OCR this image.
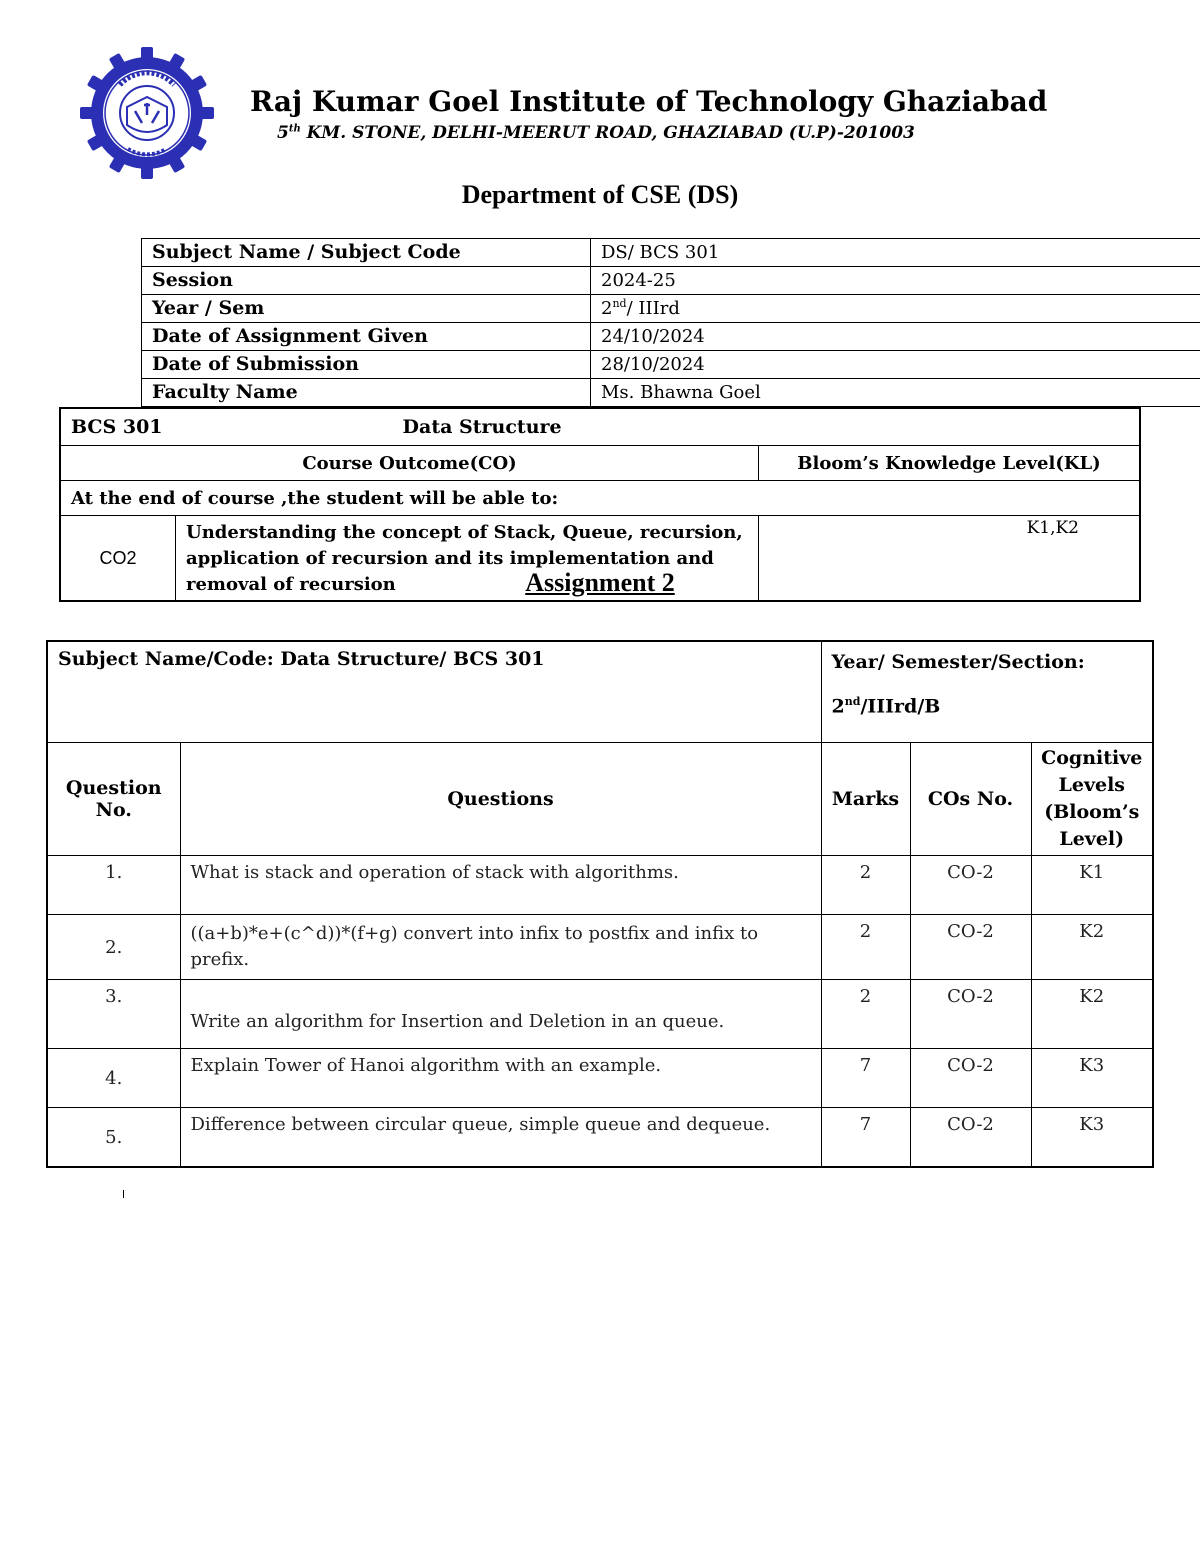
Raj Kumar Goel Institute of Technology Ghaziabad
5th KM. STONE, DELHI-MEERUT ROAD, GHAZIABAD (U.P)-201003
Department of CSE (DS)
Subject Name / Subject Code	DS/ BCS 301
Session	2024-25
Year / Sem	2nd/ IIIrd
Date of Assignment Given	24/10/2024
Date of Submission	28/10/2024
Faculty Name	Ms. Bhawna Goel
BCS 301 Data Structure		
Course Outcome(CO)		Bloom’s Knowledge Level(KL)
At the end of course ,the student will be able to:		
CO2	Understanding the concept of Stack, Queue, recursion, application of recursion and its implementation and removal of recursion	K1,K2
Assignment 2
Subject Name/Code: Data Structure/ BCS 301		Year/ Semester/Section:
2nd/IIIrd/B		
Question No.	Questions	Marks	COs No.	Cognitive Levels (Bloom’s Level)
1.	What is stack and operation of stack with algorithms.	2	CO-2	K1
2.	((a+b)*e+(c^d))*(f+g) convert into infix to postfix and infix to prefix.	2	CO-2	K2
3.	Write an algorithm for Insertion and Deletion in an queue.	2	CO-2	K2
4.	Explain Tower of Hanoi algorithm with an example.	7	CO-2	K3
5.	Difference between circular queue, simple queue and dequeue.	7	CO-2	K3
